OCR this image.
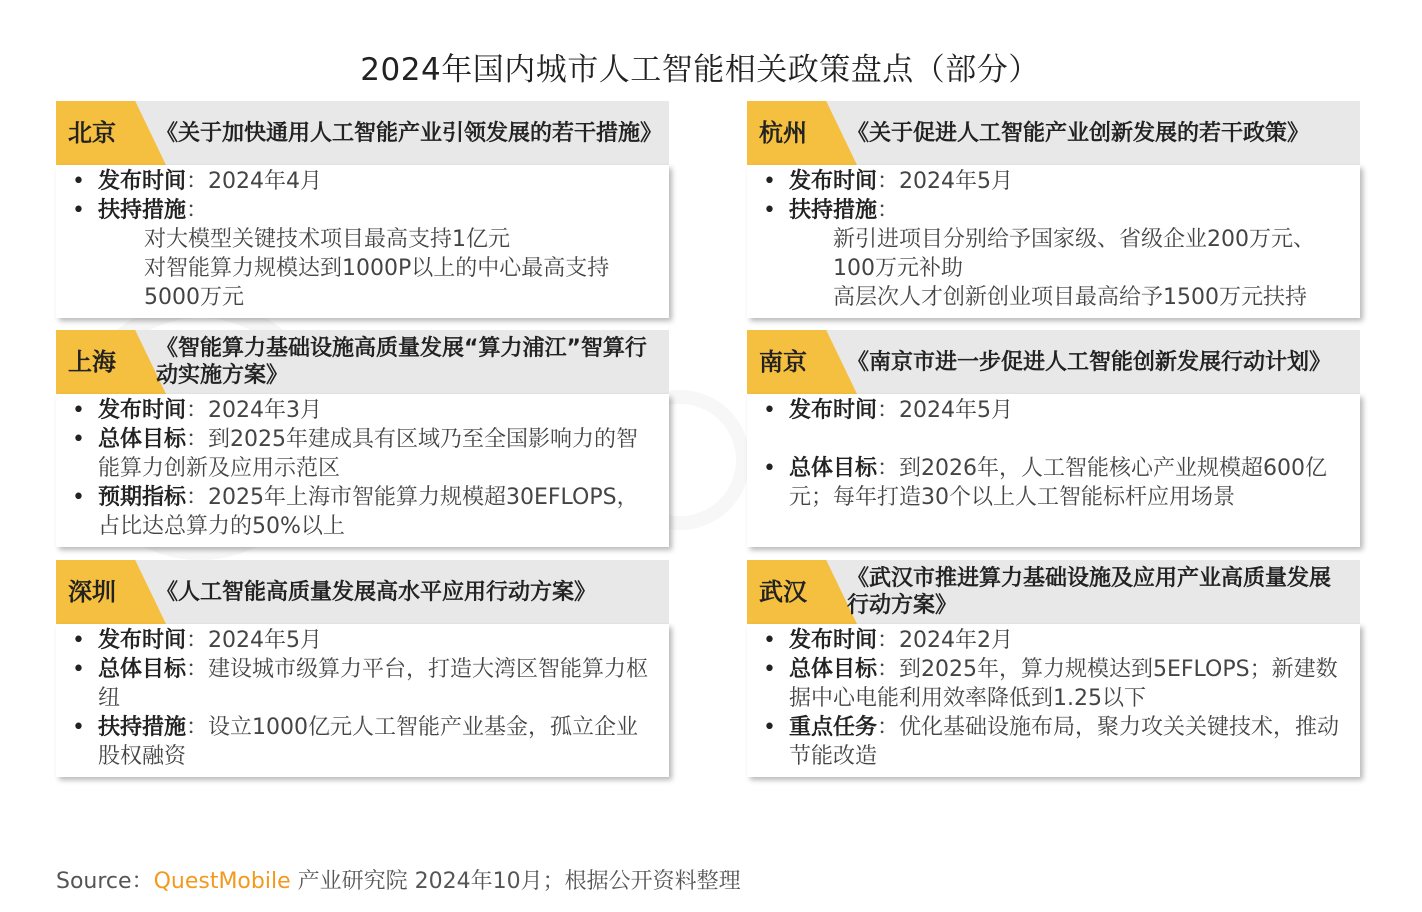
2024年国内城市人工智能相关政策盘点（部分）
北京 《关于加快通用人工智能产业引领发展的若干措施》
• 发布时间：2024年4月
• 扶持措施：
对大模型关键技术项目最高支持1亿元
对智能算力规模达到1000P以上的中心最高支持5000万元
杭州 《关于促进人工智能产业创新发展的若干政策》
• 发布时间：2024年5月
• 扶持措施：
新引进项目分别给予国家级、省级企业200万元、100万元补助
高层次人才创新创业项目最高给予1500万元扶持
上海 《智能算力基础设施高质量发展“算力浦江”智算行动实施方案》
• 发布时间：2024年3月
• 总体目标：到2025年建成具有区域乃至全国影响力的智能算力创新及应用示范区
• 预期指标：2025年上海市智能算力规模超30EFLOPS，占比达总算力的50%以上
南京 《南京市进一步促进人工智能创新发展行动计划》
• 发布时间：2024年5月
• 总体目标：到2026年，人工智能核心产业规模超600亿元；每年打造30个以上人工智能标杆应用场景
深圳 《人工智能高质量发展高水平应用行动方案》
• 发布时间：2024年5月
• 总体目标：建设城市级算力平台，打造大湾区智能算力枢纽
• 扶持措施：设立1000亿元人工智能产业基金，孤立企业股权融资
武汉 《武汉市推进算力基础设施及应用产业高质量发展行动方案》
• 发布时间：2024年2月
• 总体目标：到2025年，算力规模达到5EFLOPS；新建数据中心电能利用效率降低到1.25以下
• 重点任务：优化基础设施布局，聚力攻关关键技术，推动节能改造
Source：QuestMobile 产业研究院 2024年10月；根据公开资料整理
